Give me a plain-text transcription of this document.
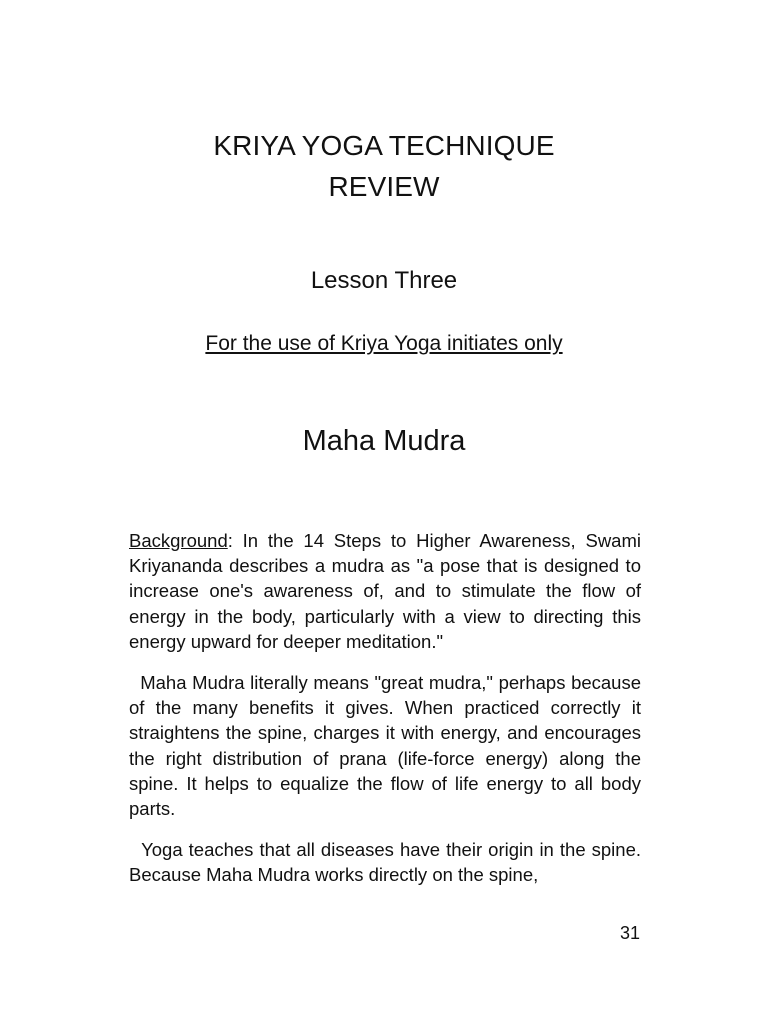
KRIYA YOGA TECHNIQUE
REVIEW
Lesson Three
For the use of Kriya Yoga initiates only
Maha Mudra

Background: In the 14 Steps to Higher Awareness, Swami Kriyananda describes a mudra as "a pose that is designed to increase one's awareness of, and to stimulate the flow of energy in the body, particularly with a view to directing this energy upward for deeper meditation."

Maha Mudra literally means "great mudra," perhaps because of the many benefits it gives. When practiced correctly it straightens the spine, charges it with energy, and encourages the right distribution of prana (life-force energy) along the spine. It helps to equalize the flow of life energy to all body parts.

Yoga teaches that all diseases have their origin in the spine. Because Maha Mudra works directly on the spine,

31
